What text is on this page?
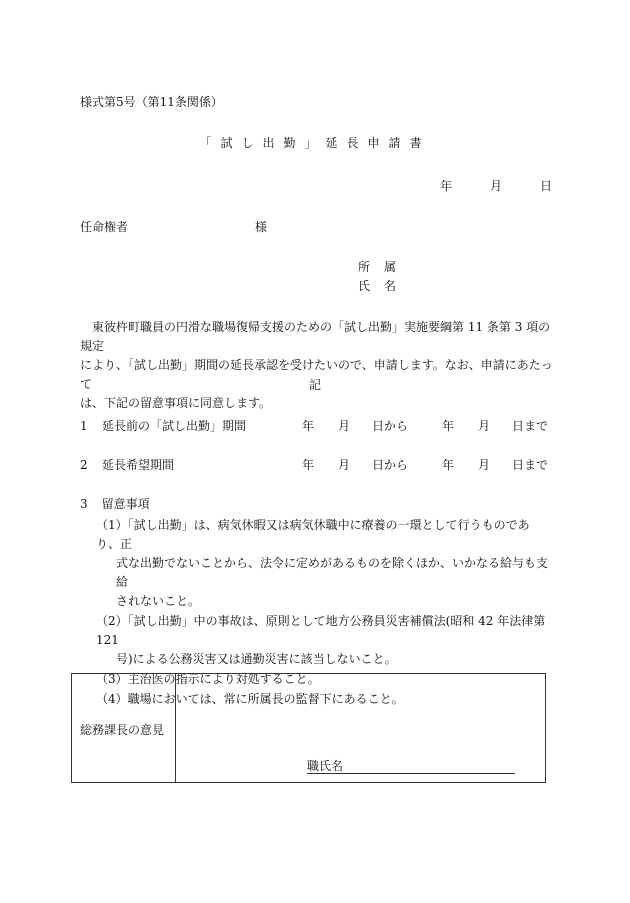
様式第5号（第11条関係）
「試し出勤」延長申請書
年	月	日
任命権者	様
所属
氏名

東彼杵町職員の円滑な職場復帰支援のための「試し出勤」実施要綱第 11 条第 3 項の規定

により、「試し出勤」期間の延長承認を受けたいので、申請します。なお、申請にあたって

は、下記の留意事項に同意します。

記
1 延長前の「試し出勤」期間	年 月 日から	年 月 日まで
2 延長希望期間	年 月 日から	年 月 日まで
3 留意事項
（1）「試し出勤」は、病気休暇又は病気休職中に療養の一環として行うものであり、正
式な出勤でないことから、法令に定めがあるものを除くほか、いかなる給与も支給
されないこと。
（2）「試し出勤」中の事故は、原則として地方公務員災害補償法(昭和 42 年法律第 121
号)による公務災害又は通勤災害に該当しないこと。
（3）主治医の指示により対処すること。
（4）職場においては、常に所属長の監督下にあること。
総務課長の意見
職氏名
